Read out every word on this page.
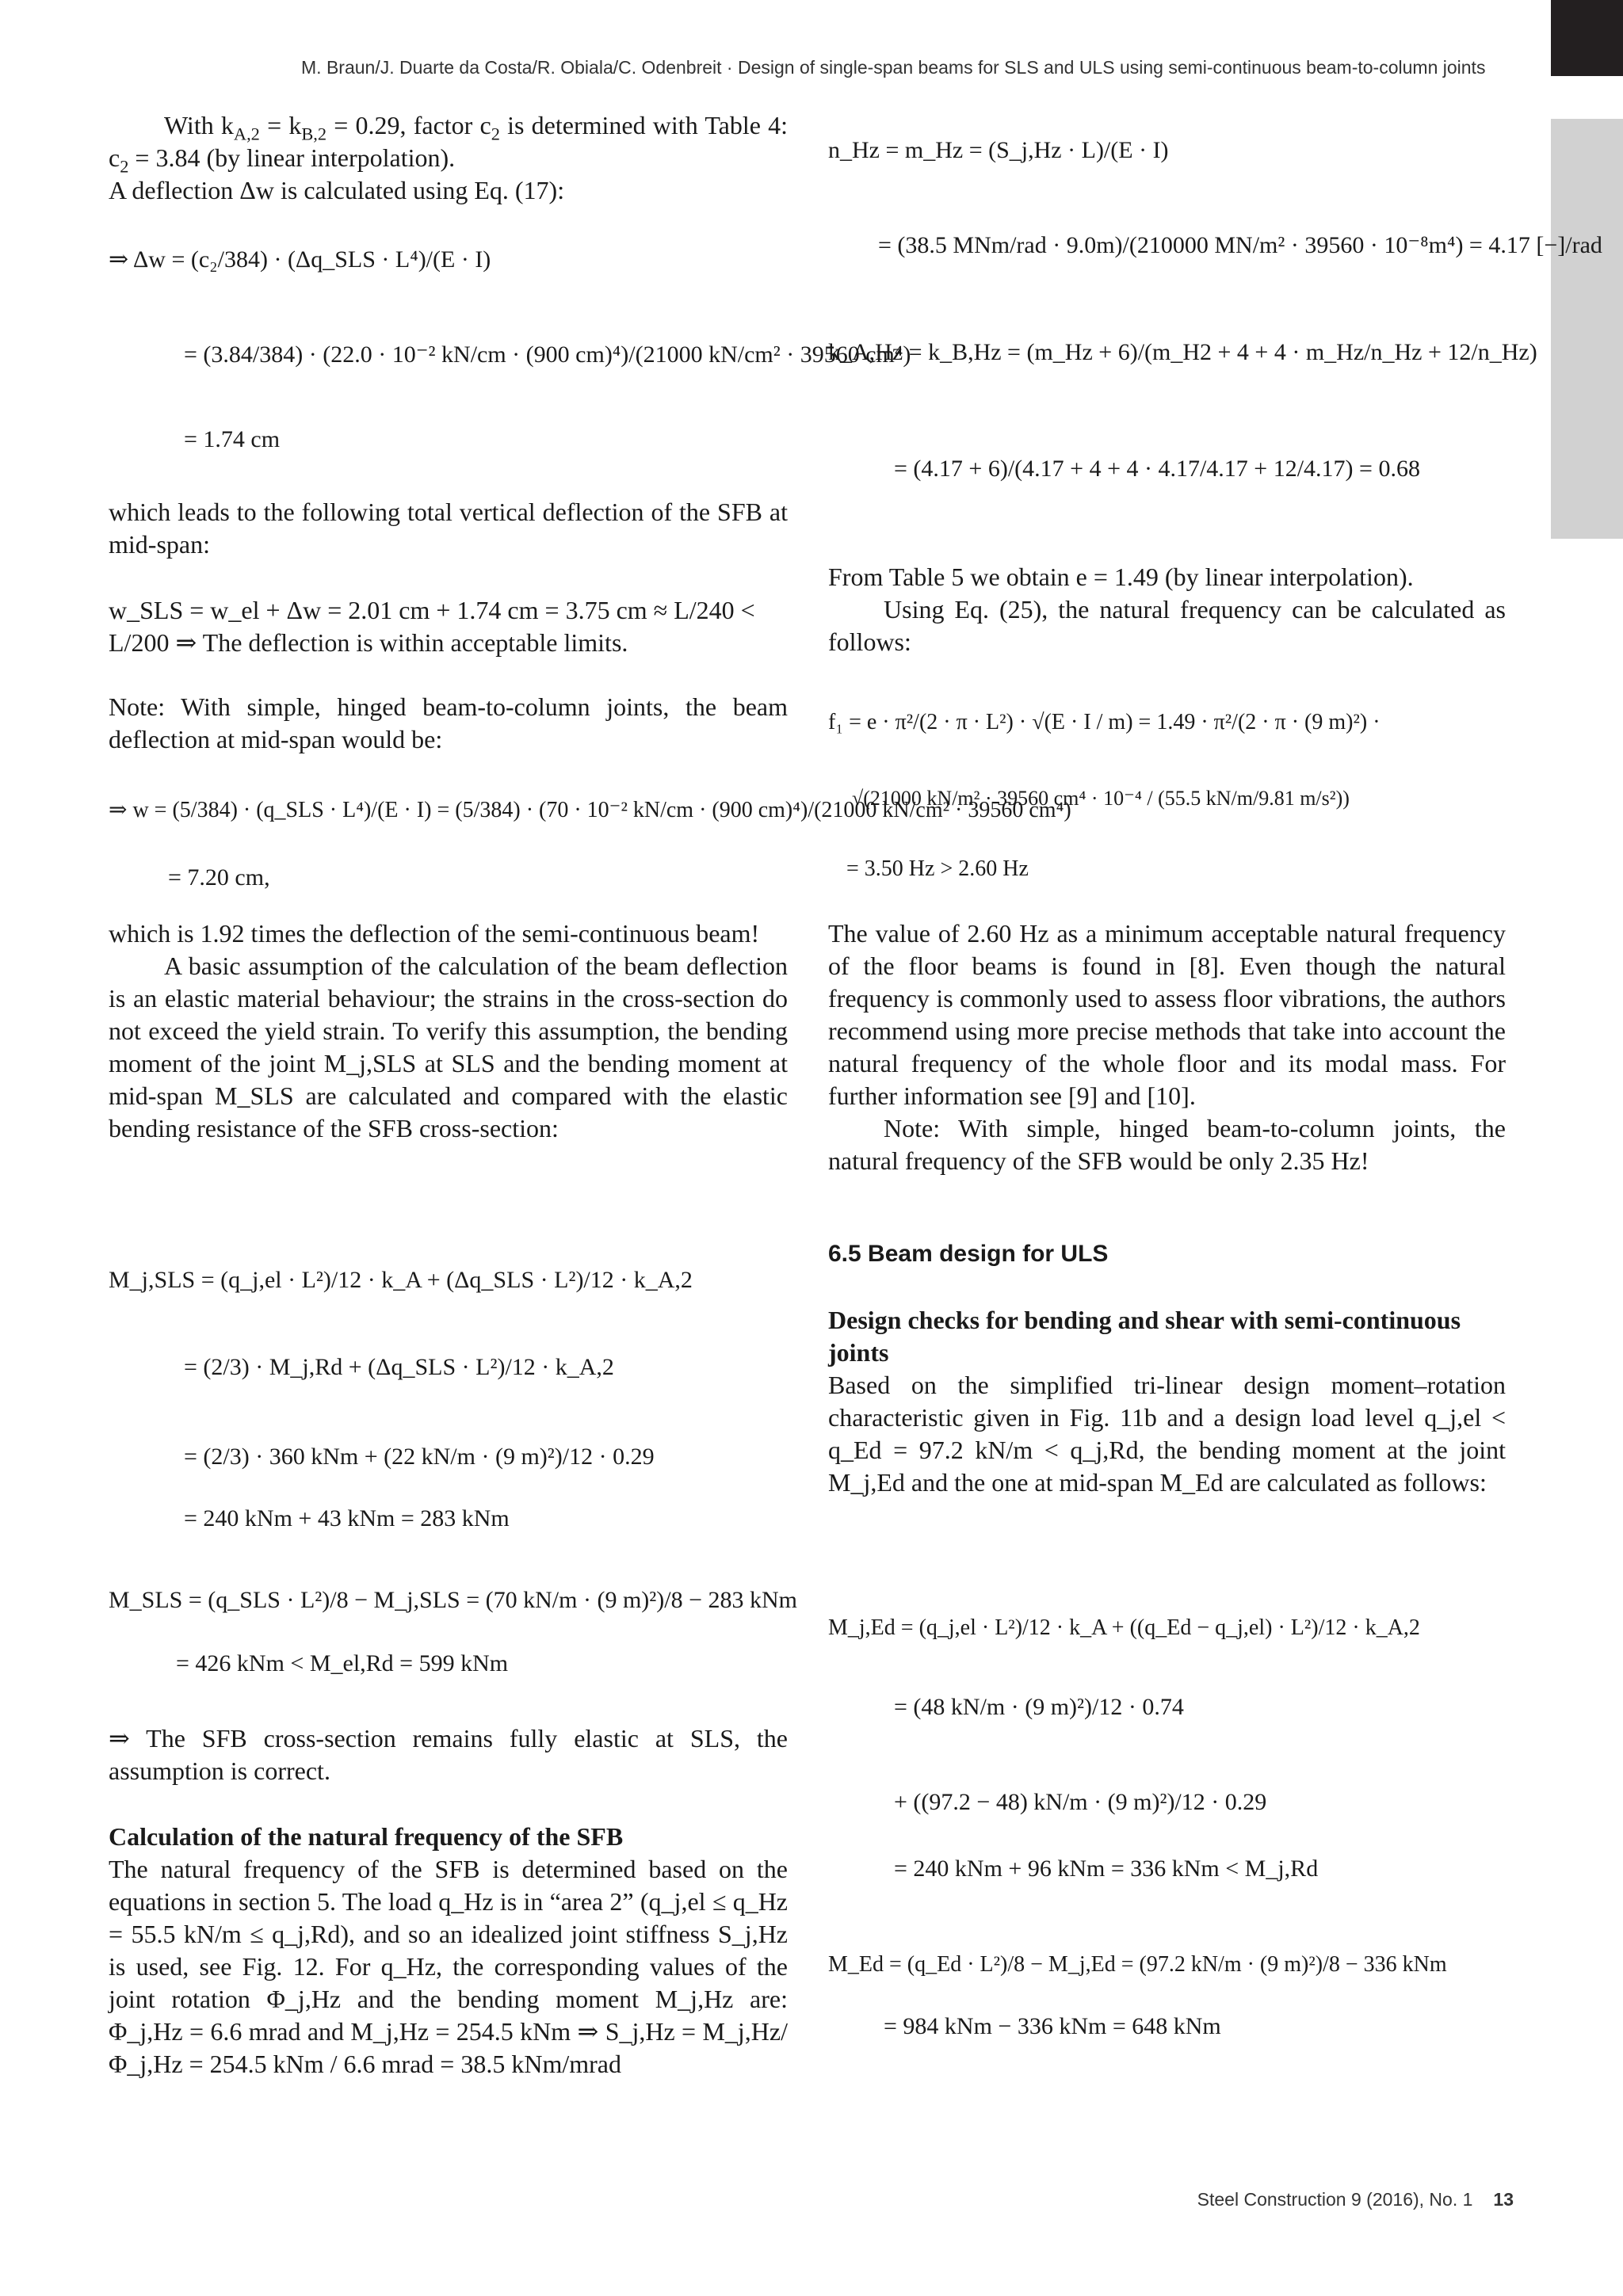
M. Braun/J. Duarte da Costa/R. Obiala/C. Odenbreit · Design of single-span beams for SLS and ULS using semi-continuous beam-to-column joints

With $k_{A,2} = k_{B,2} = 0.29$, factor $c_2$ is determined with Table 4: $c_2 = 3.84$ (by linear interpolation).

A deflection Δw is calculated using Eq. (17):

⇒ Δw = (c₂/384) · (Δq_SLS · L⁴)/(E · I)
= (3.84/384) · (22.0 · 10⁻² kN/cm · (900 cm)⁴)/(21000 kN/cm² · 39560 cm⁴)
= 1.74 cm
which leads to the following total vertical deflection of the SFB at mid-span:
w_SLS = w_el + Δw = 2.01 cm + 1.74 cm = 3.75 cm ≈ L/240 <
L/200 ⇒ The deflection is within acceptable limits.
Note: With simple, hinged beam-to-column joints, the beam deflection at mid-span would be:
⇒ w = (5/384) · (q_SLS · L⁴)/(E · I) = (5/384) · (70 · 10⁻² kN/cm · (900 cm)⁴)/(21000 kN/cm² · 39560 cm⁴)
= 7.20 cm,

which is 1.92 times the deflection of the semi-continuous beam!

A basic assumption of the calculation of the beam deflection is an elastic material behaviour; the strains in the cross-section do not exceed the yield strain. To verify this assumption, the bending moment of the joint M_j,SLS at SLS and the bending moment at mid-span M_SLS are calculated and compared with the elastic bending resistance of the SFB cross-section:

M_j,SLS = (q_j,el · L²)/12 · k_A + (Δq_SLS · L²)/12 · k_A,2
= (2/3) · M_j,Rd + (Δq_SLS · L²)/12 · k_A,2
= (2/3) · 360 kNm + (22 kN/m · (9 m)²)/12 · 0.29
= 240 kNm + 43 kNm = 283 kNm
M_SLS = (q_SLS · L²)/8 − M_j,SLS = (70 kN/m · (9 m)²)/8 − 283 kNm
= 426 kNm < M_el,Rd = 599 kNm
⇒ The SFB cross-section remains fully elastic at SLS, the assumption is correct.
Calculation of the natural frequency of the SFB
The natural frequency of the SFB is determined based on the equations in section 5. The load q_Hz is in “area 2” (q_j,el ≤ q_Hz = 55.5 kN/m ≤ q_j,Rd), and so an idealized joint stiffness S_j,Hz is used, see Fig. 12. For q_Hz, the corresponding values of the joint rotation Φ_j,Hz and the bending moment M_j,Hz are: Φ_j,Hz = 6.6 mrad and M_j,Hz = 254.5 kNm ⇒ S_j,Hz = M_j,Hz/Φ_j,Hz = 254.5 kNm / 6.6 mrad = 38.5 kNm/mrad
n_Hz = m_Hz = (S_j,Hz · L)/(E · I)
= (38.5 MNm/rad · 9.0m)/(210000 MN/m² · 39560 · 10⁻⁸m⁴) = 4.17 [−]/rad
k_A,Hz = k_B,Hz = (m_Hz + 6)/(m_H2 + 4 + 4 · m_Hz/n_Hz + 12/n_Hz)
= (4.17 + 6)/(4.17 + 4 + 4 · 4.17/4.17 + 12/4.17) = 0.68

From Table 5 we obtain e = 1.49 (by linear interpolation).

Using Eq. (25), the natural frequency can be calculated as follows:

f₁ = e · π²/(2 · π · L²) · √(E · I / m) = 1.49 · π²/(2 · π · (9 m)²) ·
√(21000 kN/m² · 39560 cm⁴ · 10⁻⁴ / (55.5 kN/m/9.81 m/s²))
= 3.50 Hz > 2.60 Hz

The value of 2.60 Hz as a minimum acceptable natural frequency of the floor beams is found in [8]. Even though the natural frequency is commonly used to assess floor vibrations, the authors recommend using more precise methods that take into account the natural frequency of the whole floor and its modal mass. For further information see [9] and [10].

Note: With simple, hinged beam-to-column joints, the natural frequency of the SFB would be only 2.35 Hz!

6.5 Beam design for ULS
Design checks for bending and shear with semi-continuous joints
Based on the simplified tri-linear design moment–rotation characteristic given in Fig. 11b and a design load level q_j,el < q_Ed = 97.2 kN/m < q_j,Rd, the bending moment at the joint M_j,Ed and the one at mid-span M_Ed are calculated as follows:
M_j,Ed = (q_j,el · L²)/12 · k_A + ((q_Ed − q_j,el) · L²)/12 · k_A,2
= (48 kN/m · (9 m)²)/12 · 0.74
+ ((97.2 − 48) kN/m · (9 m)²)/12 · 0.29
= 240 kNm + 96 kNm = 336 kNm < M_j,Rd
M_Ed = (q_Ed · L²)/8 − M_j,Ed = (97.2 kN/m · (9 m)²)/8 − 336 kNm
= 984 kNm − 336 kNm = 648 kNm
Steel Construction 9 (2016), No. 1 13
